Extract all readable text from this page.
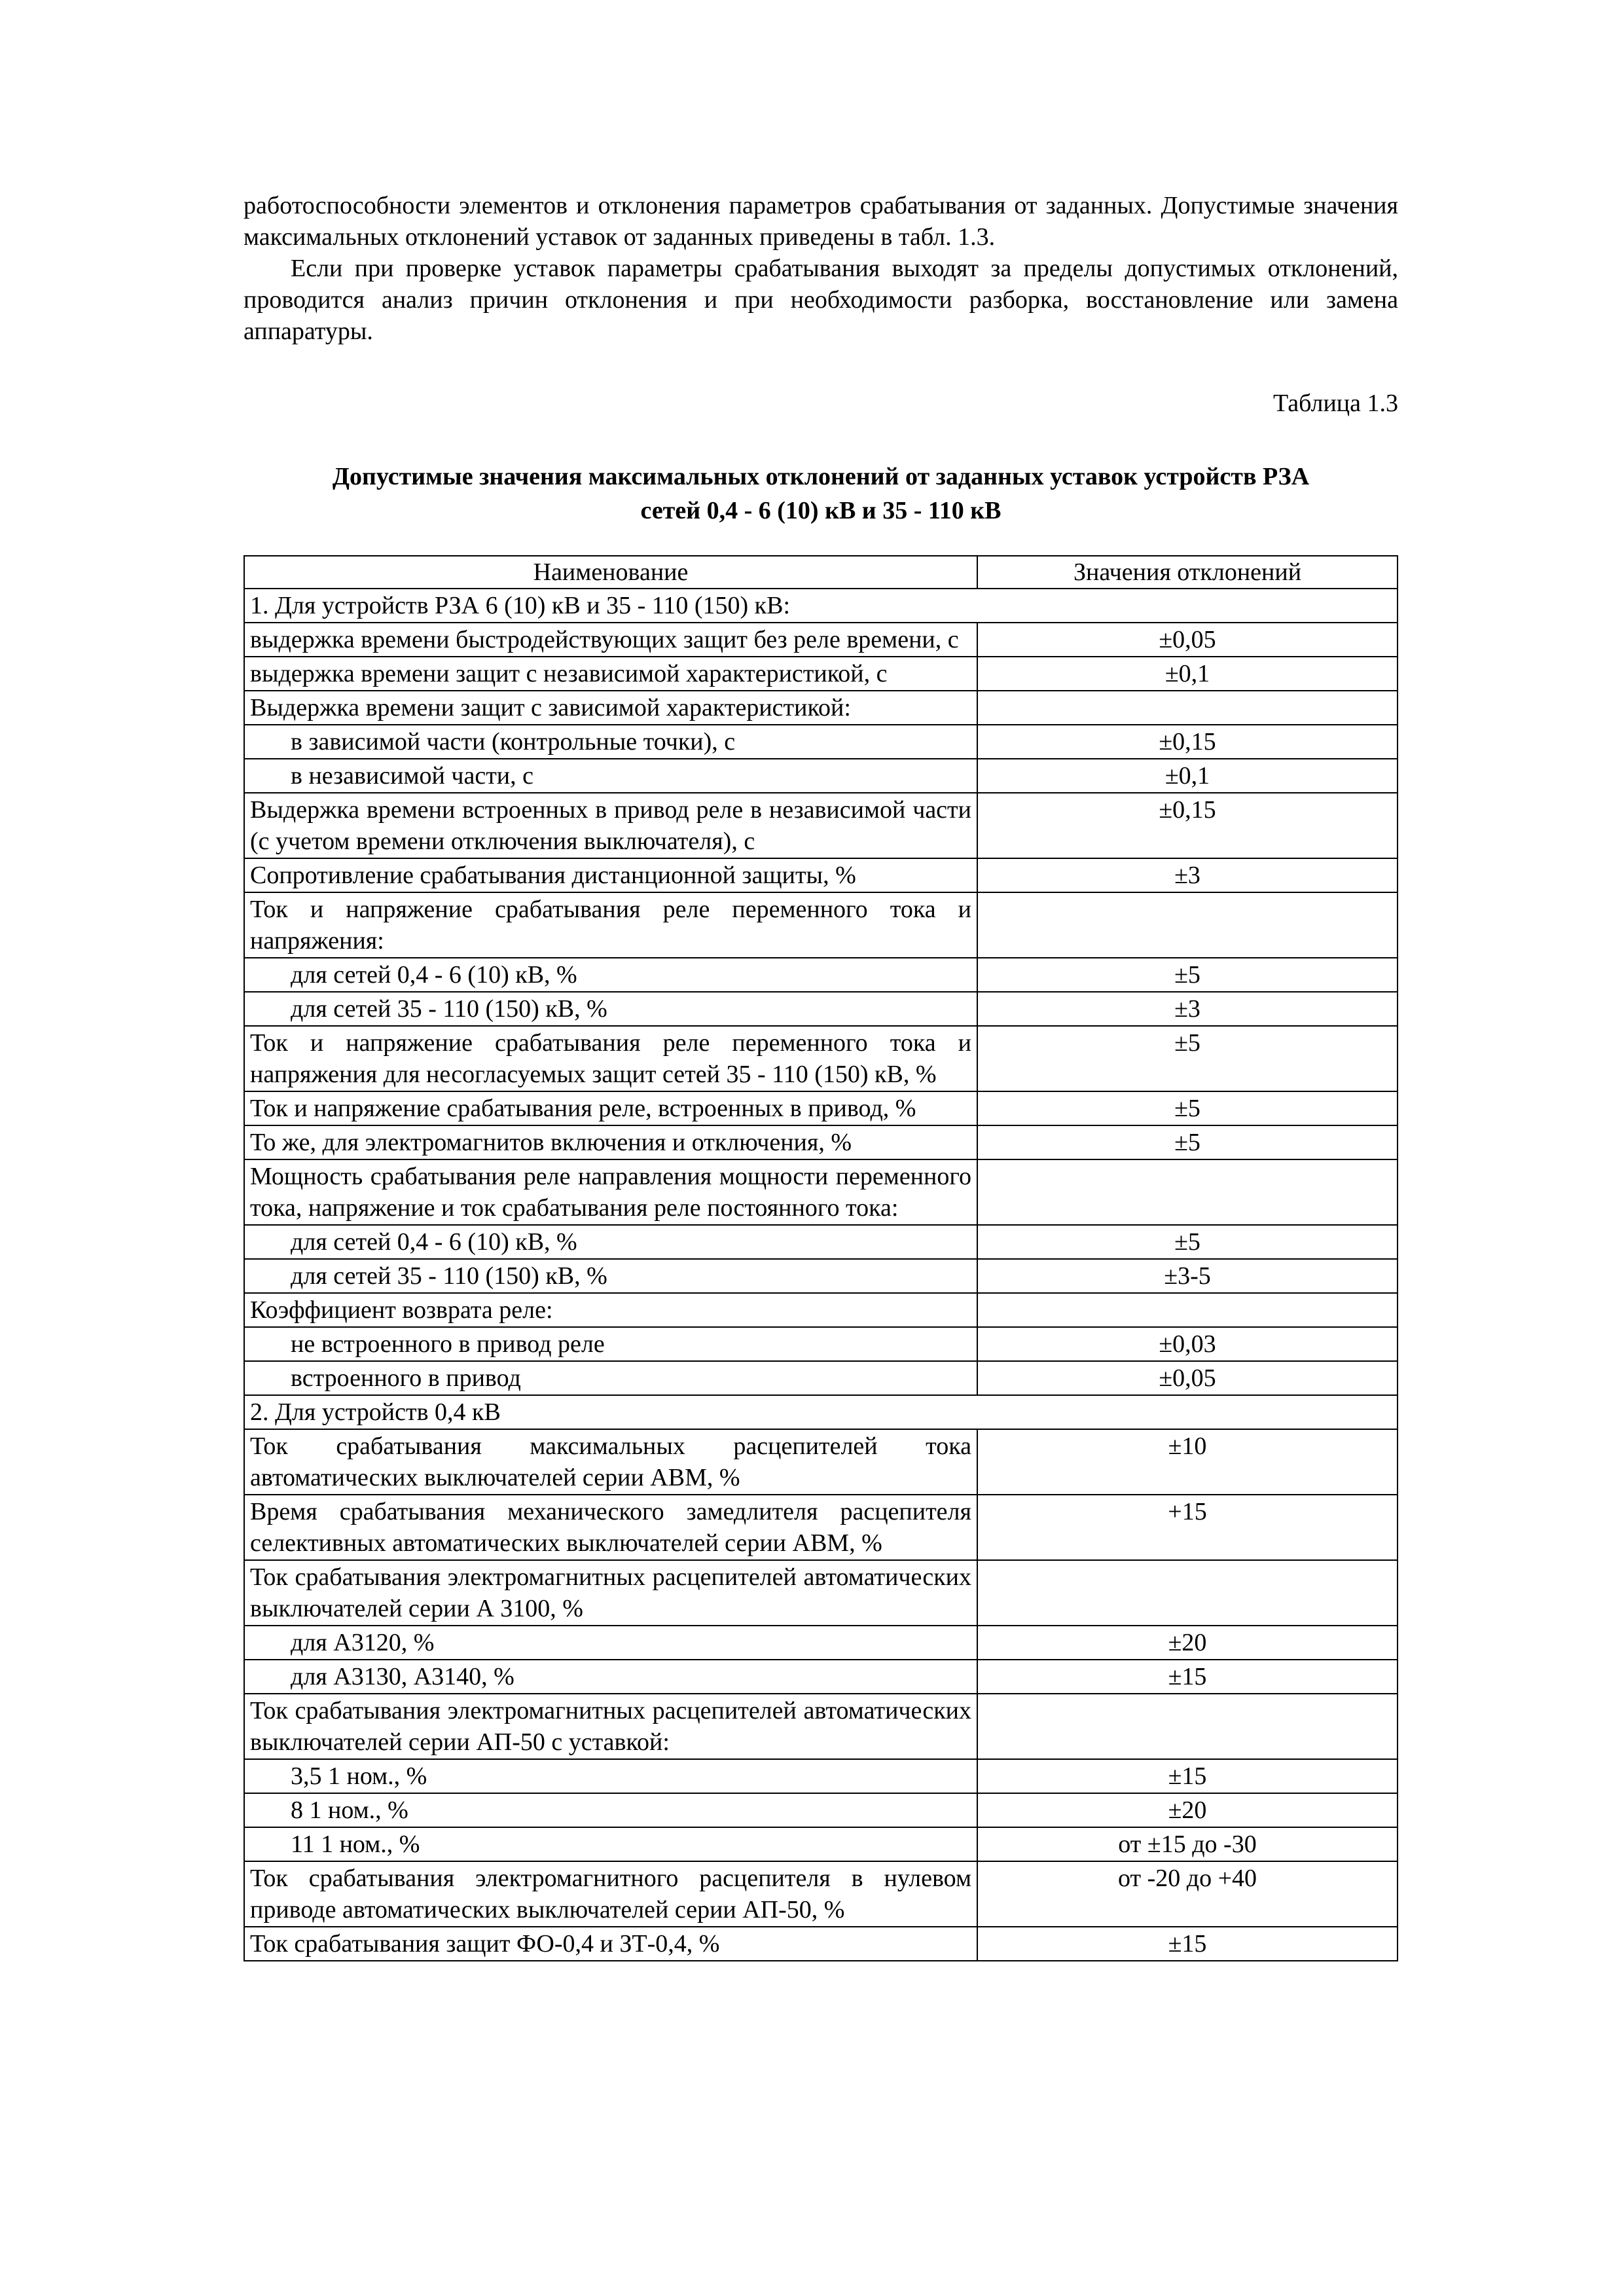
работоспособности элементов и отклонения параметров срабатывания от заданных. Допустимые значения максимальных отклонений уставок от заданных приведены в табл. 1.3.

Если при проверке уставок параметры срабатывания выходят за пределы допустимых отклонений, проводится анализ причин отклонения и при необходимости разборка, восстановление или замена аппаратуры.

Таблица 1.3
Допустимые значения максимальных отклонений от заданных уставок устройств РЗА
сетей 0,4 - 6 (10) кВ и 35 - 110 кВ
Наименование	Значения отклонений
1. Для устройств РЗА 6 (10) кВ и 35 - 110 (150) кВ:	
выдержка времени быстродействующих защит без реле времени, с	±0,05
выдержка времени защит с независимой характеристикой, с	±0,1
Выдержка времени защит с зависимой характеристикой:	
в зависимой части (контрольные точки), с	±0,15
в независимой части, с	±0,1
Выдержка времени встроенных в привод реле в независимой части (с учетом времени отключения выключателя), с	±0,15
Сопротивление срабатывания дистанционной защиты, %	±3
Ток и напряжение срабатывания реле переменного тока и напряжения:	
для сетей 0,4 - 6 (10) кВ, %	±5
для сетей 35 - 110 (150) кВ, %	±3
Ток и напряжение срабатывания реле переменного тока и напряжения для несогласуемых защит сетей 35 - 110 (150) кВ, %	±5
Ток и напряжение срабатывания реле, встроенных в привод, %	±5
То же, для электромагнитов включения и отключения, %	±5
Мощность срабатывания реле направления мощности переменного тока, напряжение и ток срабатывания реле постоянного тока:	
для сетей 0,4 - 6 (10) кВ, %	±5
для сетей 35 - 110 (150) кВ, %	±3-5
Коэффициент возврата реле:	
не встроенного в привод реле	±0,03
встроенного в привод	±0,05
2. Для устройств 0,4 кВ	
Ток срабатывания максимальных расцепителей тока автоматических выключателей серии АВМ, %	±10
Время срабатывания механического замедлителя расцепителя селективных автоматических выключателей серии АВМ, %	+15
Ток срабатывания электромагнитных расцепителей автоматических выключателей серии А 3100, %	
для А3120, %	±20
для А3130, А3140, %	±15
Ток срабатывания электромагнитных расцепителей автоматических выключателей серии АП-50 с уставкой:	
3,5 1 ном., %	±15
8 1 ном., %	±20
11 1 ном., %	от ±15 до -30
Ток срабатывания электромагнитного расцепителя в нулевом приводе автоматических выключателей серии АП-50, %	от -20 до +40
Ток срабатывания защит ФО-0,4 и ЗТ-0,4, %	±15
